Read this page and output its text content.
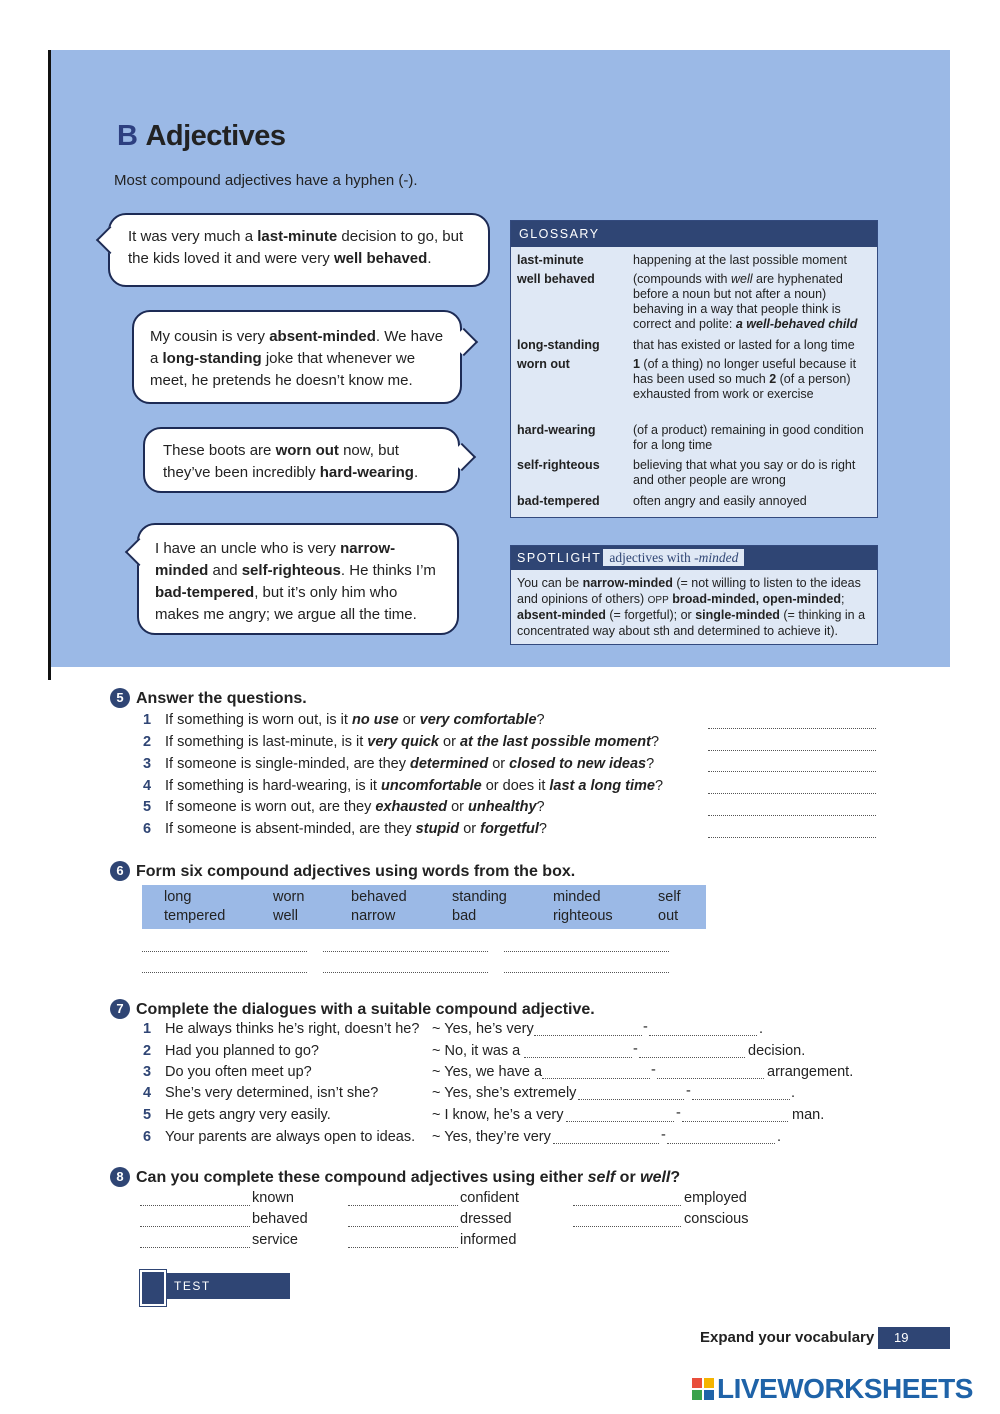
B Adjectives
Most compound adjectives have a hyphen (-).
It was very much a last-minute decision to go, but the kids loved it and were very well behaved.
My cousin is very absent-minded. We have a long-standing joke that whenever we meet, he pretends he doesn’t know me.
These boots are worn out now, but they’ve been incredibly hard-wearing.
I have an uncle who is very narrow-minded and self-righteous. He thinks I’m bad-tempered, but it’s only him who makes me angry; we argue all the time.
GLOSSARY
last-minute	happening at the last possible moment
well behaved	(compounds with well are hyphenated before a noun but not after a noun) behaving in a way that people think is correct and polite: a well-behaved child
long-standing	that has existed or lasted for a long time
worn out	1 (of a thing) no longer useful because it has been used so much 2 (of a person) exhausted from work or exercise
hard-wearing	(of a product) remaining in good condition for a long time
self-righteous	believing that what you say or do is right and other people are wrong
bad-tempered	often angry and easily annoyed
SPOTLIGHT adjectives with -minded
You can be narrow-minded (= not willing to listen to the ideas and opinions of others) OPP broad-minded, open-minded; absent-minded (= forgetful); or single-minded (= thinking in a concentrated way about sth and determined to achieve it).
5 Answer the questions.
1 If something is worn out, is it no use or very comfortable?
2 If something is last-minute, is it very quick or at the last possible moment?
3 If someone is single-minded, are they determined or closed to new ideas?
4 If something is hard-wearing, is it uncomfortable or does it last a long time?
5 If someone is worn out, are they exhausted or unhealthy?
6 If someone is absent-minded, are they stupid or forgetful?
6 Form six compound adjectives using words from the box.
long	worn	behaved	standing	minded	self
tempered	well	narrow	bad	righteous	out
7 Complete the dialogues with a suitable compound adjective.
1 He always thinks he’s right, doesn’t he? ~ Yes, he’s very	-	.
2 Had you planned to go?	~ No, it was a	-	decision.
3 Do you often meet up?	~ Yes, we have a	-	arrangement.
4 She’s very determined, isn’t she?	~ Yes, she’s extremely	-	.
5 He gets angry very easily.	~ I know, he’s a very	-	man.
6 Your parents are always open to ideas. ~ Yes, they’re very	-	.
8 Can you complete these compound adjectives using either self or well?
known
behaved
service
confident
dressed
informed
employed
conscious
TEST YOURSELF
Expand your vocabulary	19
LIVEWORKSHEETS
